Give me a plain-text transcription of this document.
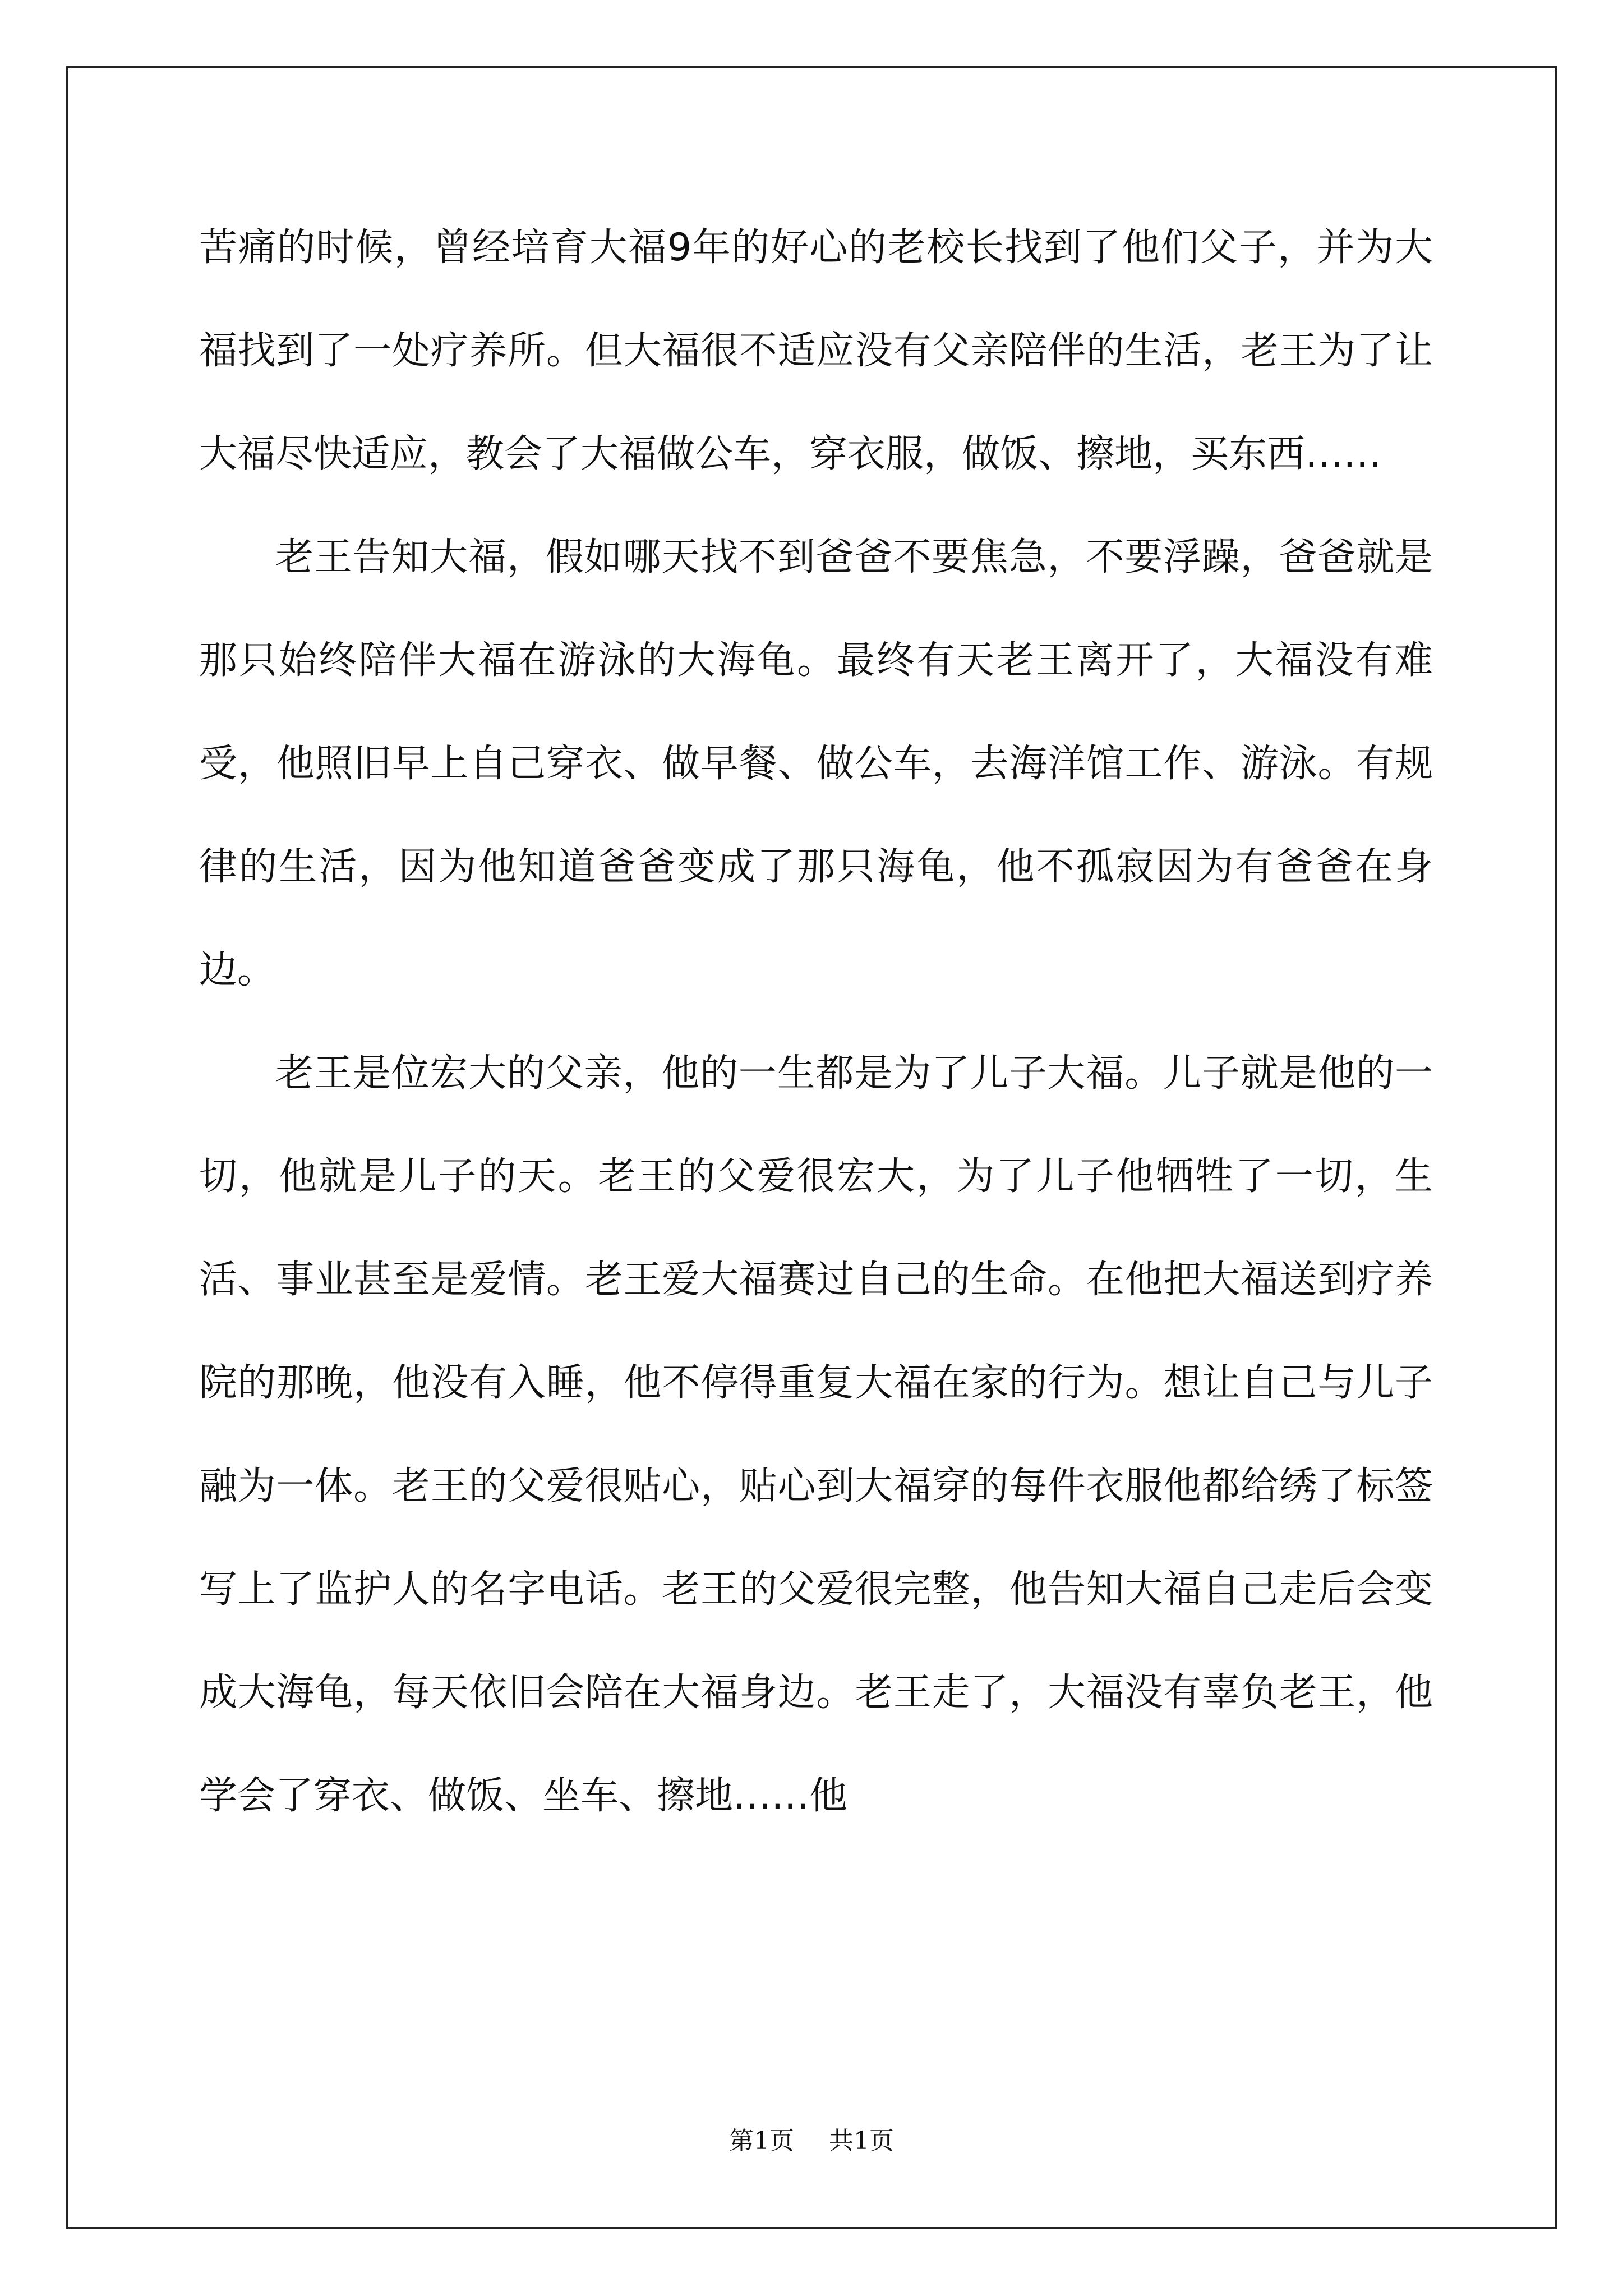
苦痛的时候，曾经培育大福9年的好心的老校长找到了他们父子，并为大福找到了一处疗养所。但大福很不适应没有父亲陪伴的生活，老王为了让大福尽快适应，教会了大福做公车，穿衣服，做饭、擦地，买东西……

老王告知大福，假如哪天找不到爸爸不要焦急，不要浮躁，爸爸就是那只始终陪伴大福在游泳的大海龟。最终有天老王离开了，大福没有难受，他照旧早上自己穿衣、做早餐、做公车，去海洋馆工作、游泳。有规律的生活，因为他知道爸爸变成了那只海龟，他不孤寂因为有爸爸在身边。

老王是位宏大的父亲，他的一生都是为了儿子大福。儿子就是他的一切，他就是儿子的天。老王的父爱很宏大，为了儿子他牺牲了一切，生活、事业甚至是爱情。老王爱大福赛过自己的生命。在他把大福送到疗养院的那晚，他没有入睡，他不停得重复大福在家的行为。想让自己与儿子融为一体。老王的父爱很贴心，贴心到大福穿的每件衣服他都给绣了标签写上了监护人的名字电话。老王的父爱很完整，他告知大福自己走后会变成大海龟，每天依旧会陪在大福身边。老王走了，大福没有辜负老王，他学会了穿衣、做饭、坐车、擦地……他

第1页 共1页
